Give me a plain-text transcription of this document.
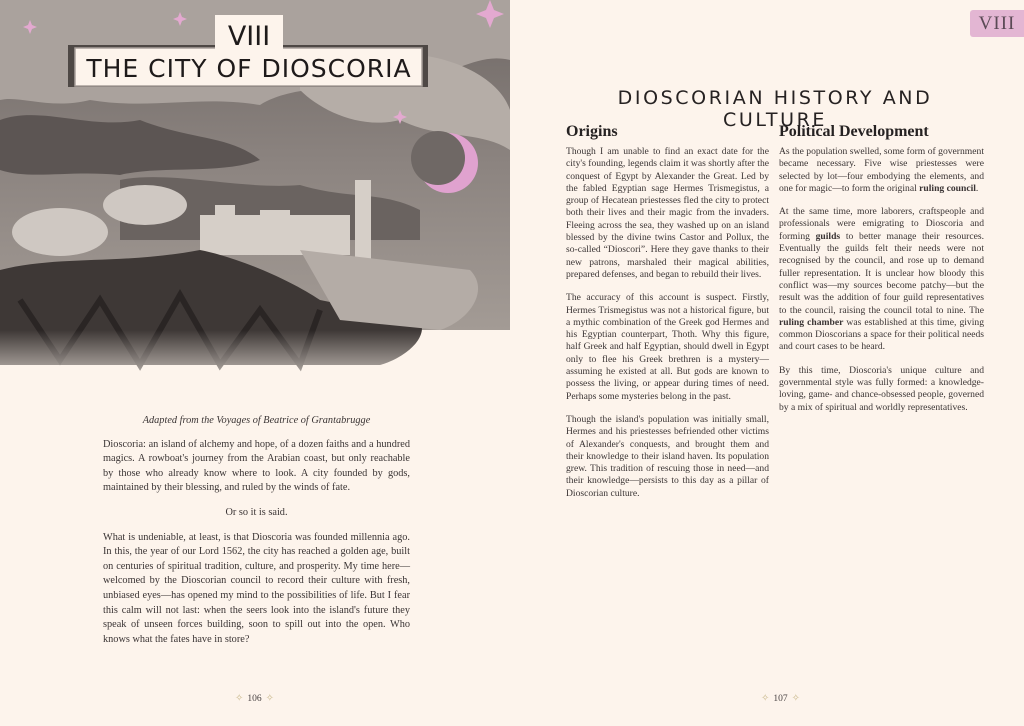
VIII
THE CITY OF DIOSCORIA

Adapted from the Voyages of Beatrice of Grantabrugge

Dioscoria: an island of alchemy and hope, of a dozen faiths and a hundred magics. A rowboat's journey from the Arabian coast, but only reachable by those who already know where to look. A city founded by gods, maintained by their blessing, and ruled by the winds of fate.

Or so it is said.

What is undeniable, at least, is that Dioscoria was founded millennia ago. In this, the year of our Lord 1562, the city has reached a golden age, built on centuries of spiritual tradition, culture, and prosperity. My time here—welcomed by the Dioscorian council to record their culture with fresh, unbiased eyes—has opened my mind to the possibilities of life. But I fear this calm will not last: when the seers look into the island's future they speak of unseen forces building, soon to spill out into the open. Who knows what the fates have in store?

✧ 106 ✧
VIII
DIOSCORIAN HISTORY AND CULTURE
Origins

Though I am unable to find an exact date for the city's founding, legends claim it was shortly after the conquest of Egypt by Alexander the Great. Led by the fabled Egyptian sage Hermes Trismegistus, a group of Hecatean priestesses fled the city to protect both their lives and their magic from the invaders. Fleeing across the sea, they washed up on an island blessed by the divine twins Castor and Pollux, the so-called “Dioscori”. Here they gave thanks to their new patrons, marshaled their magical abilities, prepared defenses, and began to rebuild their lives.

The accuracy of this account is suspect. Firstly, Hermes Trismegistus was not a historical figure, but a mythic combination of the Greek god Hermes and his Egyptian counterpart, Thoth. Why this figure, half Greek and half Egyptian, should dwell in Egypt only to flee his Greek brethren is a mystery—assuming he existed at all. But gods are known to possess the living, or appear during times of need. Perhaps some mysteries belong in the past.

Though the island's population was initially small, Hermes and his priestesses befriended other victims of Alexander's conquests, and brought them and their knowledge to their island haven. Its population grew. This tradition of rescuing those in need—and their knowledge—persists to this day as a pillar of Dioscorian culture.

Political Development

As the population swelled, some form of government became necessary. Five wise priestesses were selected by lot—four embodying the elements, and one for magic—to form the original ruling council.

At the same time, more laborers, craftspeople and professionals were emigrating to Dioscoria and forming guilds to better manage their resources. Eventually the guilds felt their needs were not recognised by the council, and rose up to demand fuller representation. It is unclear how bloody this conflict was—my sources become patchy—but the result was the addition of four guild representatives to the council, raising the council total to nine. The ruling chamber was established at this time, giving common Dioscorians a space for their political needs and court cases to be heard.

By this time, Dioscoria's unique culture and governmental style was fully formed: a knowledge-loving, game- and chance-obsessed people, governed by a mix of spiritual and worldly representatives.

✧ 107 ✧
